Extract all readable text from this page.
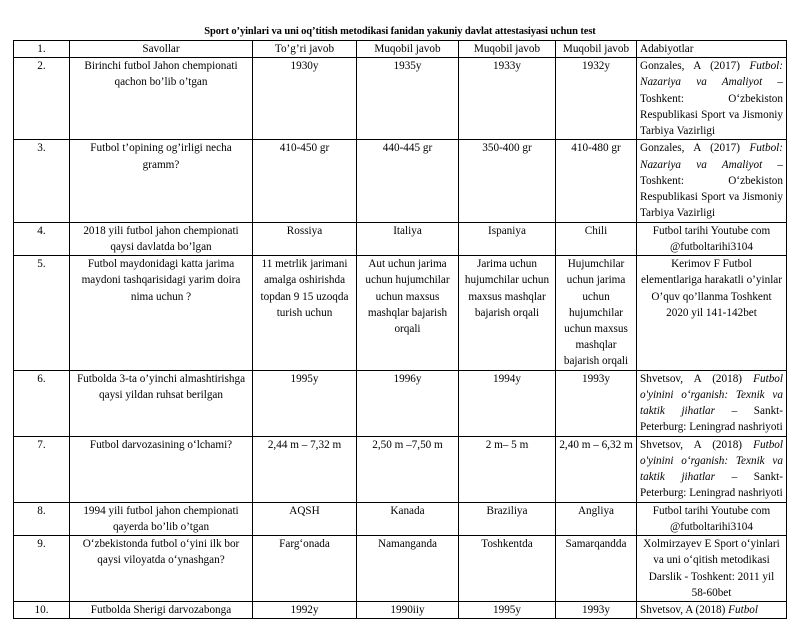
Sport o’yinlari va uni oq’titish metodikasi fanidan yakuniy davlat attestasiyasi uchun test
1.	Savollar	To’g’ri javob	Muqobil javob	Muqobil javob	Muqobil javob	Adabiyotlar
2.	Birinchi futbol Jahon chempionati qachon bo’lib o’tgan	1930y	1935y	1933y	1932y	Gonzales, A (2017) Futbol: Nazariya va Amaliyot – Toshkent: O‘zbekiston Respublikasi Sport va Jismoniy Tarbiya Vazirligi
3.	Futbol t’opining og’irligi necha gramm?	410-450 gr	440-445 gr	350-400 gr	410-480 gr	Gonzales, A (2017) Futbol: Nazariya va Amaliyot – Toshkent: O‘zbekiston Respublikasi Sport va Jismoniy Tarbiya Vazirligi
4.	2018 yili futbol jahon chempionati qaysi davlatda bo’lgan	Rossiya	Italiya	Ispaniya	Chili	Futbol tarihi Youtube com @futboltarihi3104
5.	Futbol maydonidagi katta jarima maydoni tashqarisidagi yarim doira nima uchun ?	11 metrlik jarimani amalga oshirishda topdan 9 15 uzoqda turish uchun	Aut uchun jarima uchun hujumchilar uchun maxsus mashqlar bajarish orqali	Jarima uchun hujumchilar uchun maxsus mashqlar bajarish orqali	Hujumchilar uchun jarima uchun hujumchilar uchun maxsus mashqlar bajarish orqali	Kerimov F Futbol elementlariga harakatli o’yinlar O’quv qo’llanma Toshkent 2020 yil 141-142bet
6.	Futbolda 3-ta o’yinchi almashtirishga qaysi yildan ruhsat berilgan	1995y	1996y	1994y	1993y	Shvetsov, A (2018) Futbol o'yinini o‘rganish: Texnik va taktik jihatlar – Sankt-Peterburg: Leningrad nashriyoti
7.	Futbol darvozasining o‘lchami?	2,44 m – 7,32 m	2,50 m –7,50 m	2 m– 5 m	2,40 m – 6,32 m	Shvetsov, A (2018) Futbol o'yinini o‘rganish: Texnik va taktik jihatlar – Sankt-Peterburg: Leningrad nashriyoti
8.	1994 yili futbol jahon chempionati qayerda bo’lib o’tgan	AQSH	Kanada	Braziliya	Angliya	Futbol tarihi Youtube com @futboltarihi3104
9.	O‘zbekistonda futbol o‘yini ilk bor qaysi viloyatda o‘ynashgan?	Farg‘onada	Namanganda	Toshkentda	Samarqandda	Xolmirzayev E Sport o‘yinlari va uni o‘qitish metodikasi Darslik - Toshkent: 2011 yil 58-60bet
10.	Futbolda Sherigi darvozabonga	1992y	1990iiy	1995y	1993y	Shvetsov, A (2018) Futbol
